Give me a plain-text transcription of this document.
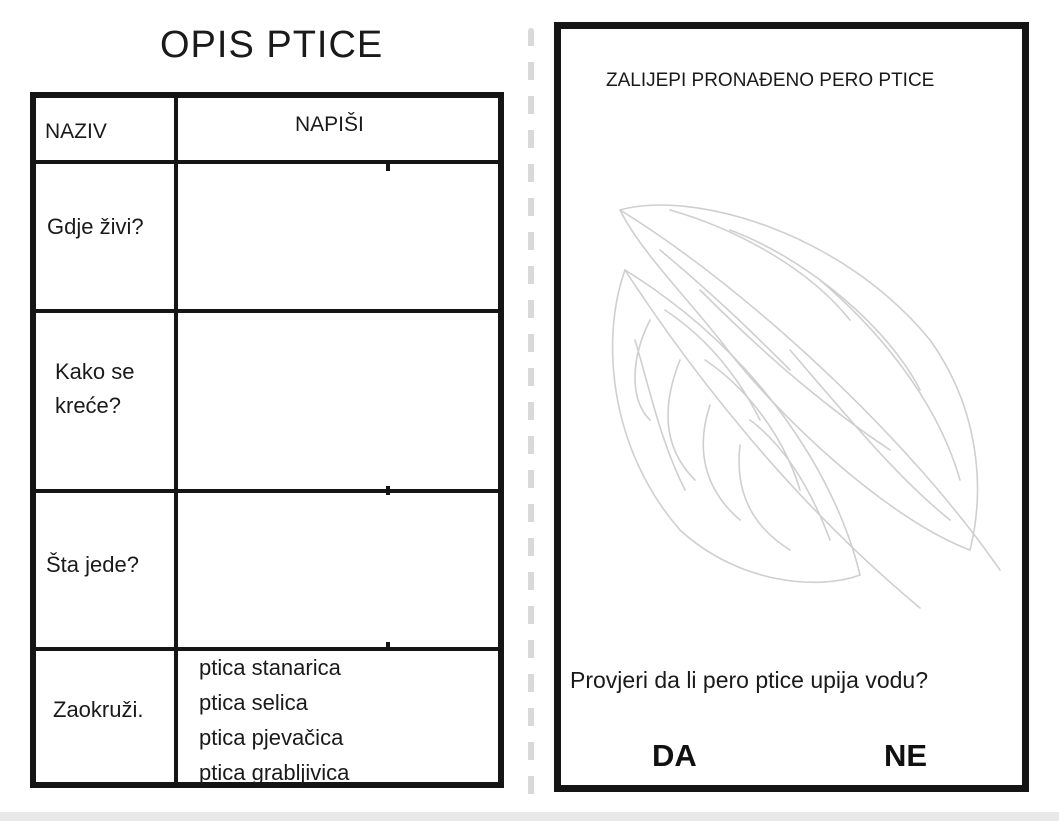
OPIS PTICE
NAZIV	NAPIŠI
Gdje živi?
Kako se kreće?
Šta jede?
Zaokruži.
ptica stanarica
ptica selica
ptica pjevačica
ptica grabljivica
ZALIJEPI PRONAĐENO PERO PTICE
Provjeri da li pero ptice upija vodu?
DA	NE
